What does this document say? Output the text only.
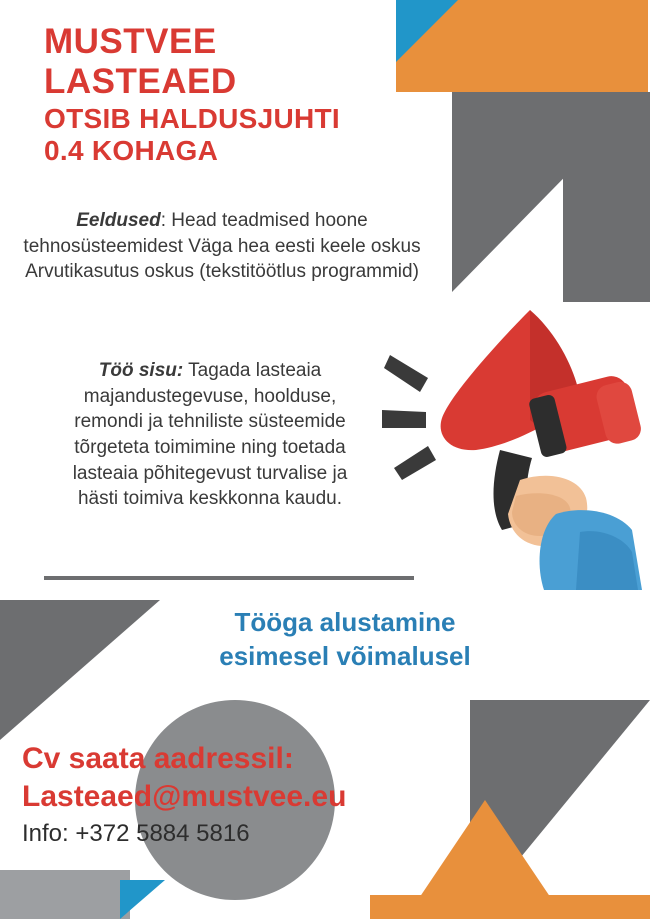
MUSTVEE
LASTEAED
OTSIB HALDUSJUHTI
0.4 KOHAGA
Eeldused: Head teadmised hoone tehnosüsteemidest Väga hea eesti keele oskus Arvutikasutus oskus (tekstitöötlus programmid)
Töö sisu: Tagada lasteaia majandustegevuse, hoolduse, remondi ja tehniliste süsteemide tõrgeteta toimimine ning toetada lasteaia põhitegevust turvalise ja hästi toimiva keskkonna kaudu.
Tööga alustamine
esimesel võimalusel
Cv saata aadressil:
Lasteaed@mustvee.eu
Info: +372 5884 5816
